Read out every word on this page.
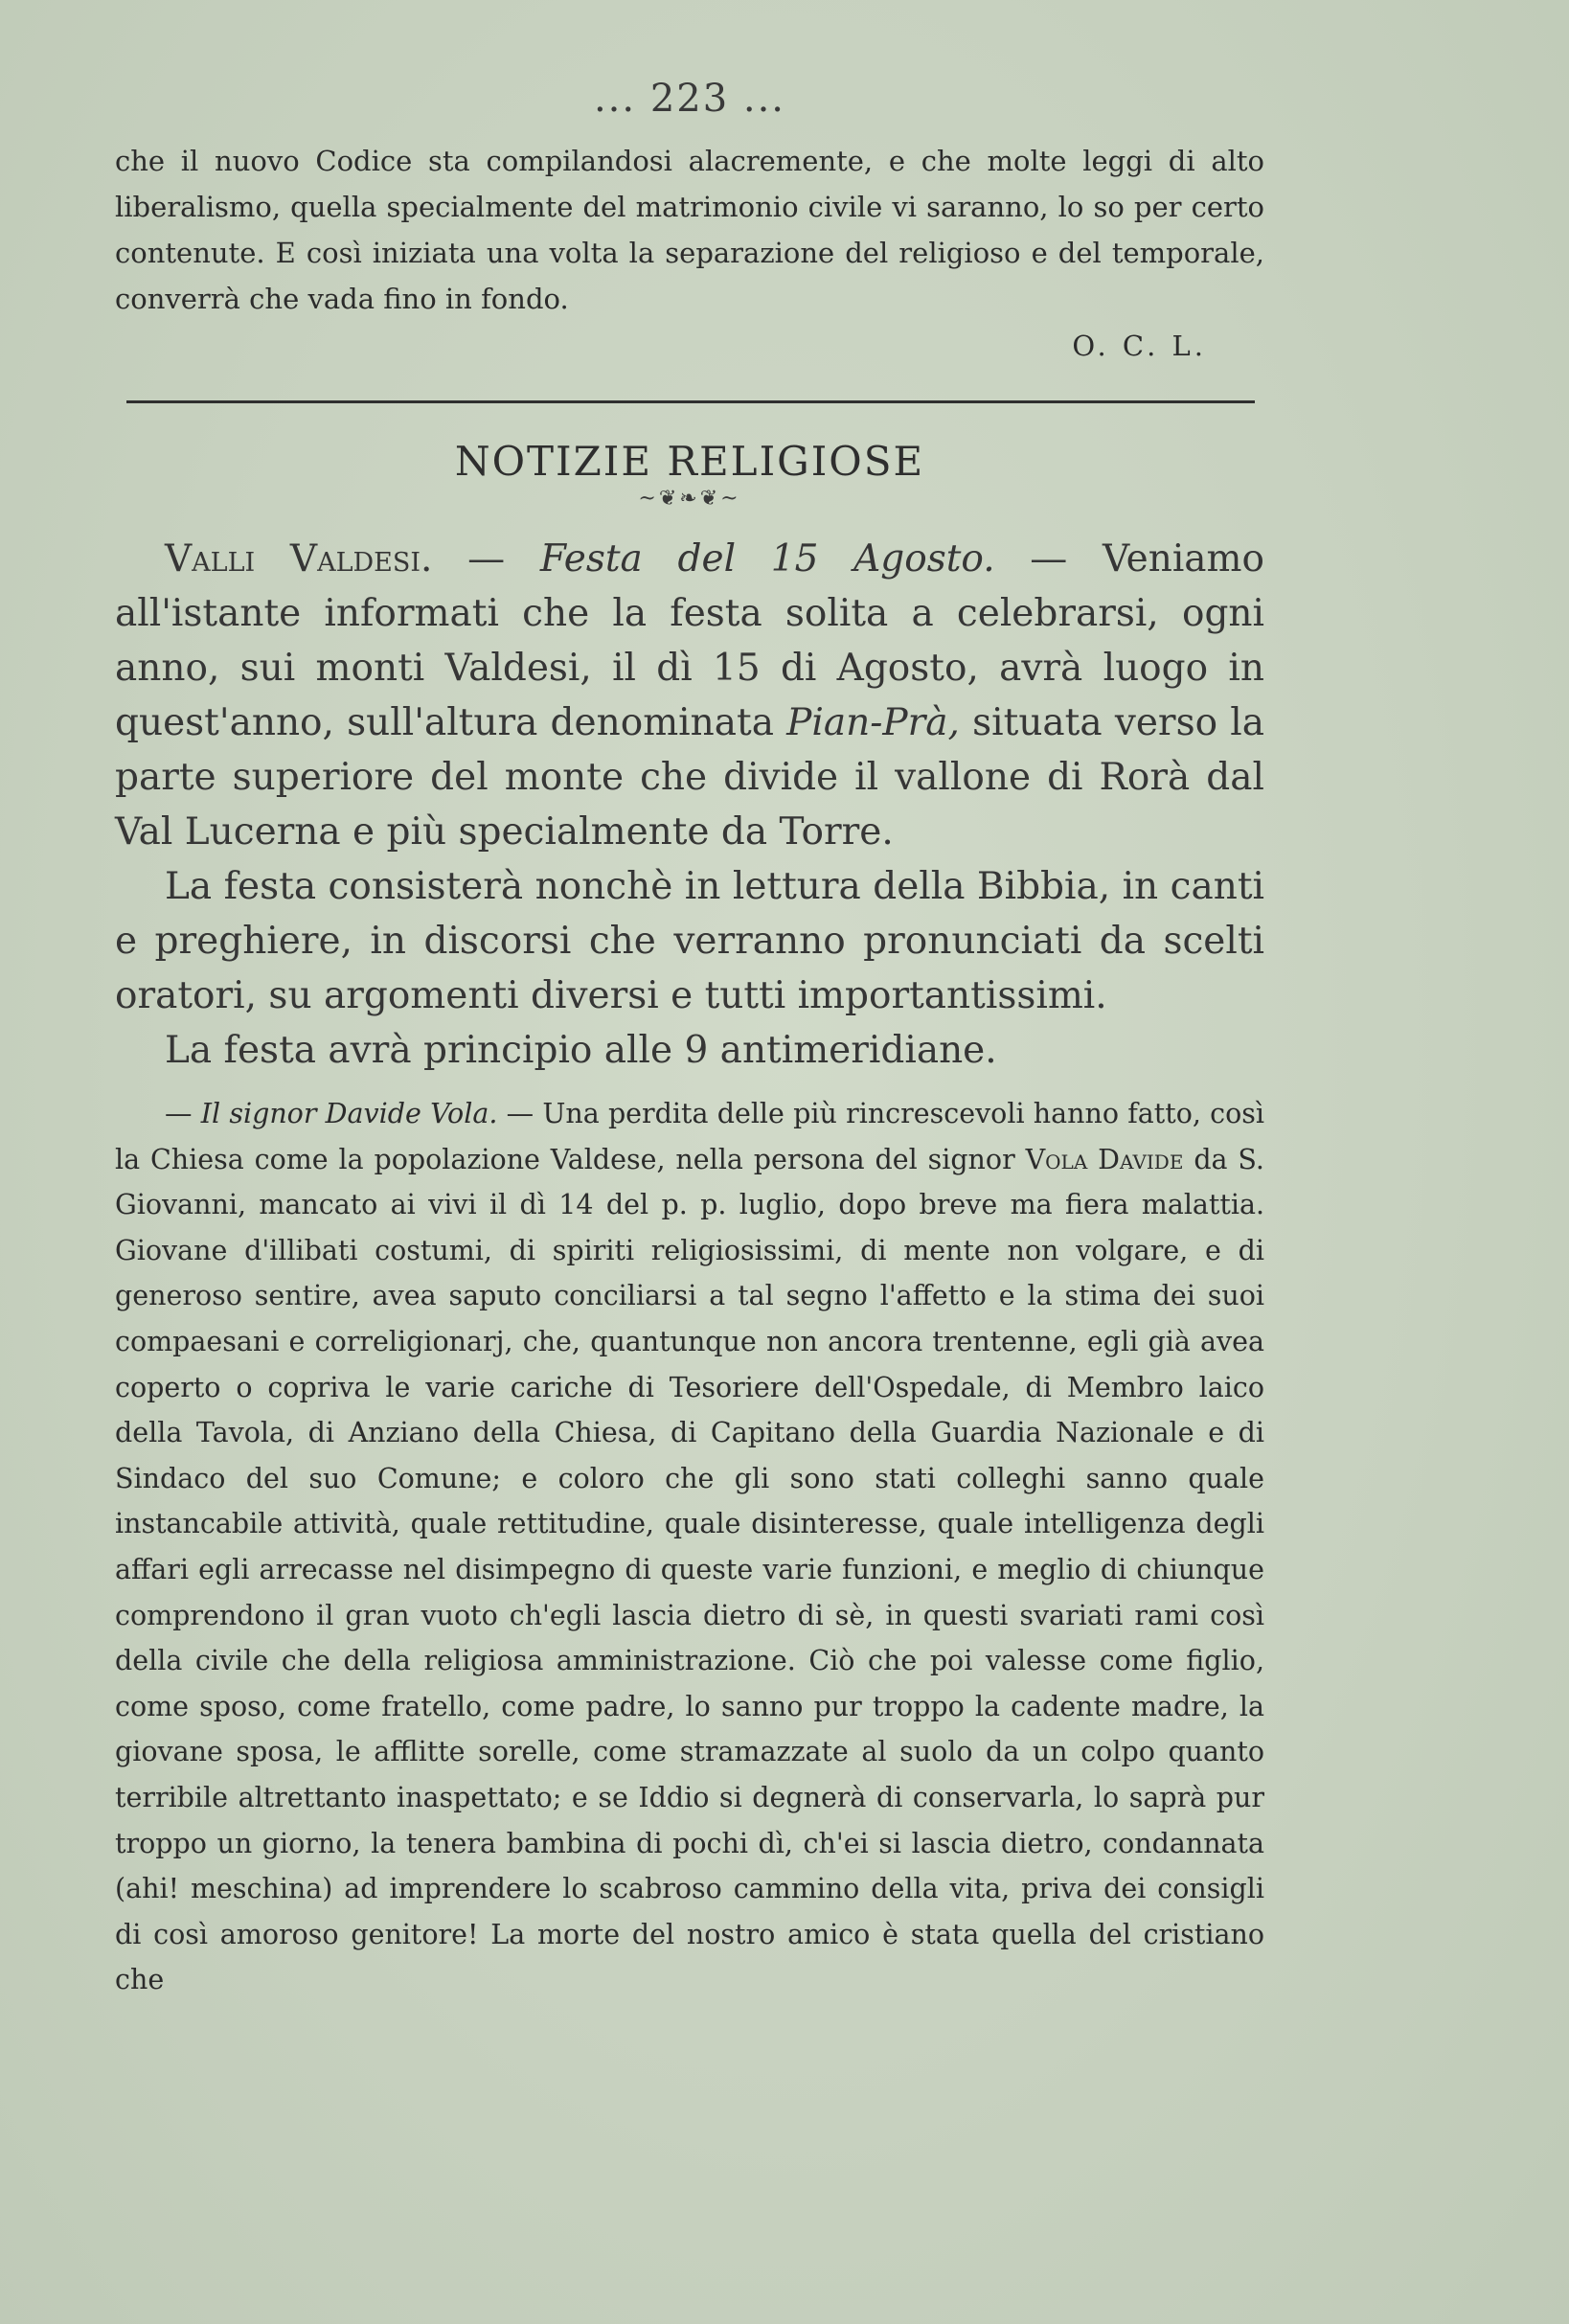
... 223 ...

che il nuovo Codice sta compilandosi alacremente, e che molte leggi di alto liberalismo, quella specialmente del matrimonio civile vi saranno, lo so per certo contenute. E così iniziata una volta la separazione del religioso e del temporale, converrà che vada fino in fondo.

O. C. L.
NOTIZIE RELIGIOSE
~❦❧❦~

Valli Valdesi. — Festa del 15 Agosto. — Veniamo all'istante informati che la festa solita a celebrarsi, ogni anno, sui monti Valdesi, il dì 15 di Agosto, avrà luogo in quest'anno, sull'altura denominata Pian-Prà, situata verso la parte superiore del monte che divide il vallone di Rorà dal Val Lucerna e più specialmente da Torre.

La festa consisterà nonchè in lettura della Bibbia, in canti e preghiere, in discorsi che verranno pronunciati da scelti oratori, su argomenti diversi e tutti importantissimi.

La festa avrà principio alle 9 antimeridiane.

— Il signor Davide Vola. — Una perdita delle più rincrescevoli hanno fatto, così la Chiesa come la popolazione Valdese, nella persona del signor Vola Davide da S. Giovanni, mancato ai vivi il dì 14 del p. p. luglio, dopo breve ma fiera malattia. Giovane d'illibati costumi, di spiriti religiosissimi, di mente non volgare, e di generoso sentire, avea saputo conciliarsi a tal segno l'affetto e la stima dei suoi compaesani e correligionarj, che, quantunque non ancora trentenne, egli già avea coperto o copriva le varie cariche di Tesoriere dell'Ospedale, di Membro laico della Tavola, di Anziano della Chiesa, di Capitano della Guardia Nazionale e di Sindaco del suo Comune; e coloro che gli sono stati colleghi sanno quale instancabile attività, quale rettitudine, quale disinteresse, quale intelligenza degli affari egli arrecasse nel disimpegno di queste varie funzioni, e meglio di chiunque comprendono il gran vuoto ch'egli lascia dietro di sè, in questi svariati rami così della civile che della religiosa amministrazione. Ciò che poi valesse come figlio, come sposo, come fratello, come padre, lo sanno pur troppo la cadente madre, la giovane sposa, le afflitte sorelle, come stramazzate al suolo da un colpo quanto terribile altrettanto inaspettato; e se Iddio si degnerà di conservarla, lo saprà pur troppo un giorno, la tenera bambina di pochi dì, ch'ei si lascia dietro, condannata (ahi! meschina) ad imprendere lo scabroso cammino della vita, priva dei consigli di così amoroso genitore! La morte del nostro amico è stata quella del cristiano che
